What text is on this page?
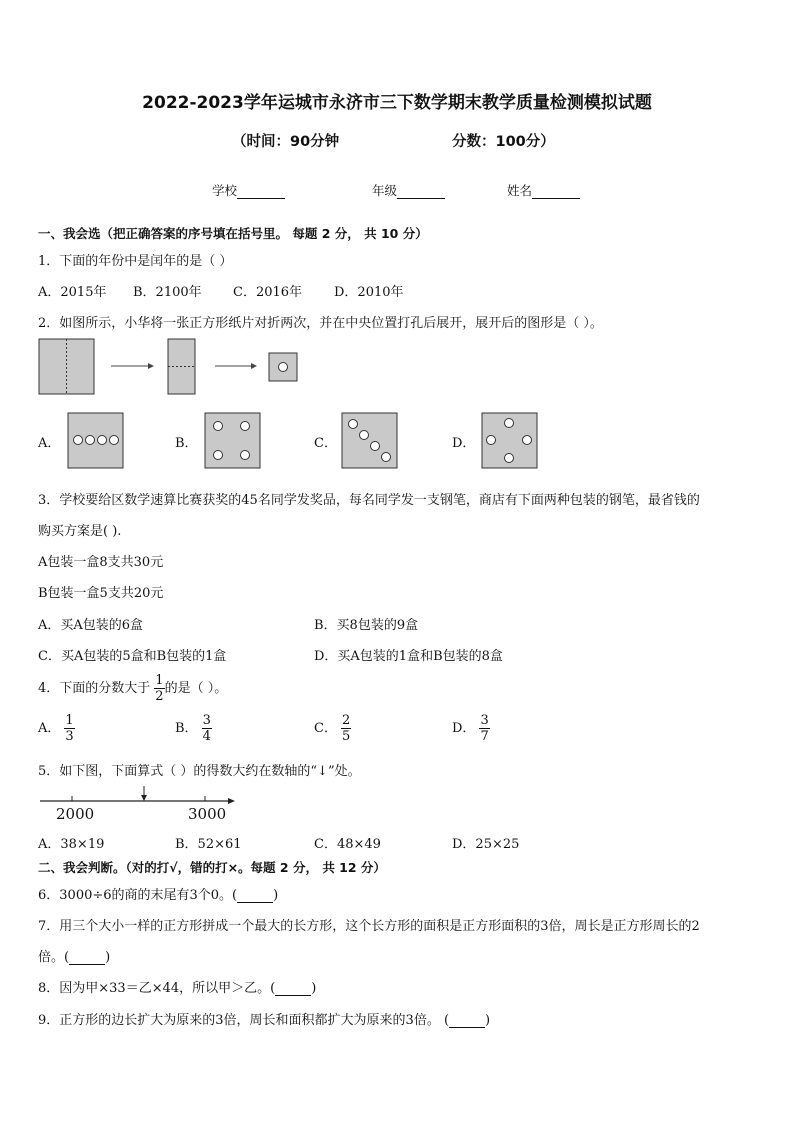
2022-2023学年运城市永济市三下数学期末教学质量检测模拟试题
（时间：90分钟	分数：100分）
学校	年级	姓名
一、我会选（把正确答案的序号填在括号里。 每题 2 分， 共 10 分）
1．下面的年份中是闰年的是（ ）
A．2015年 B．2100年 C．2016年 D．2010年
2．如图所示，小华将一张正方形纸片对折两次，并在中央位置打孔后展开，展开后的图形是（ ）。
A．	B．	C．	D．
3．学校要给区数学速算比赛获奖的45名同学发奖品，每名同学发一支钢笔，商店有下面两种包装的钢笔，最省钱的
购买方案是( ).
A包装一盒8支共30元
B包装一盒5支共20元
A．买A包装的6盒	B．买8包装的9盒
C．买A包装的5盒和B包装的1盒	D．买A包装的1盒和B包装的8盒
4．下面的分数大于 $\frac{1}{2}$ 的是（ ）。
A． $\frac{1}{3}$	B． $\frac{3}{4}$	C． $\frac{2}{5}$	D． $\frac{3}{7}$
5．如下图，下面算式（ ）的得数大约在数轴的“↓”处。
2000	3000
A．38×19	B．52×61	C．48×49	D．25×25
二、我会判断。（对的打√，错的打×。每题 2 分， 共 12 分）
6．3000÷6的商的末尾有3个0。(	)
7．用三个大小一样的正方形拼成一个最大的长方形，这个长方形的面积是正方形面积的3倍，周长是正方形周长的2
倍。(	)
8．因为甲×33＝乙×44，所以甲＞乙。(	)
9．正方形的边长扩大为原来的3倍，周长和面积都扩大为原来的3倍。 (	)
